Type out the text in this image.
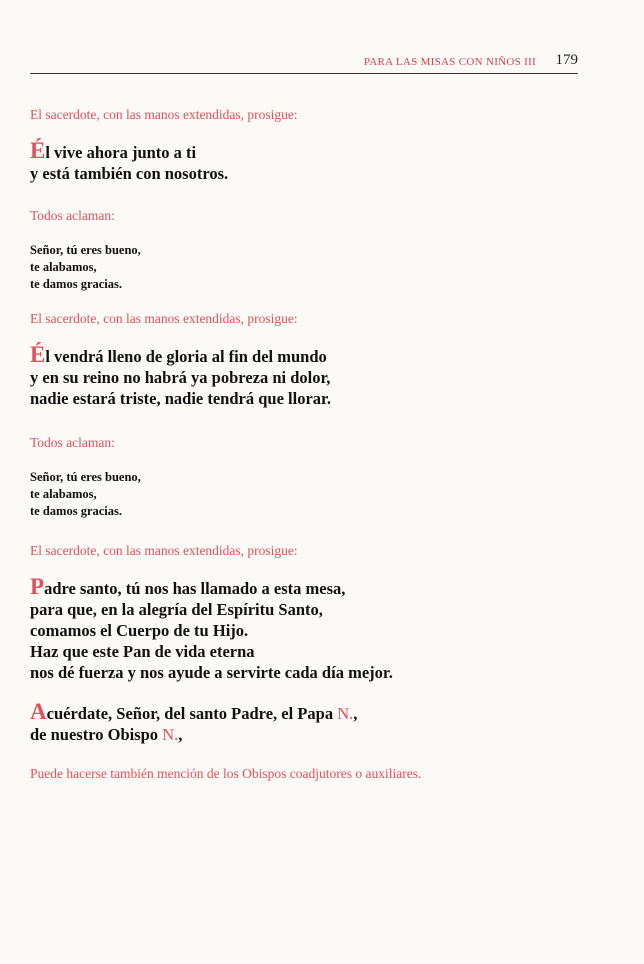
PARA LAS MISAS CON NIÑOS III 179

El sacerdote, con las manos extendidas, prosigue:

Él vive ahora junto a ti
y está también con nosotros.

Todos aclaman:

Señor, tú eres bueno,
te alabamos,
te damos gracias.

El sacerdote, con las manos extendidas, prosigue:

Él vendrá lleno de gloria al fin del mundo
y en su reino no habrá ya pobreza ni dolor,
nadie estará triste, nadie tendrá que llorar.

Todos aclaman:

Señor, tú eres bueno,
te alabamos,
te damos gracias.

El sacerdote, con las manos extendidas, prosigue:

Padre santo, tú nos has llamado a esta mesa,
para que, en la alegría del Espíritu Santo,
comamos el Cuerpo de tu Hijo.
Haz que este Pan de vida eterna
nos dé fuerza y nos ayude a servirte cada día mejor.

Acuérdate, Señor, del santo Padre, el Papa N.,
de nuestro Obispo N.,

Puede hacerse también mención de los Obispos coadjutores o auxiliares.
